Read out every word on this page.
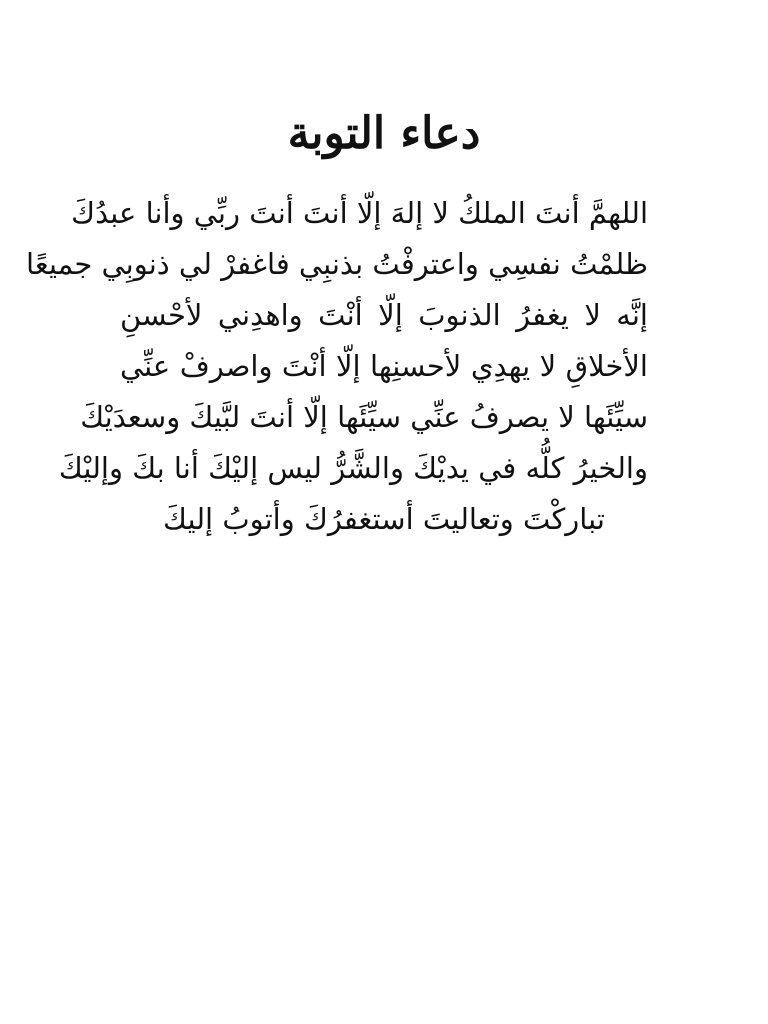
دعاء التوبة
اللهمَّ أنتَ الملكُ لا إلهَ إلّا أنتَ أنتَ ربِّي وأنا عبدُكَ
ظلمْتُ نفسِي واعترفْتُ بذنبِي فاغفرْ لي ذنوبِي جميعًا
إنَّه لا يغفرُ الذنوبَ إلّا أنْتَ واهدِني لأحْسنِ
الأخلاقِ لا يهدِي لأحسنِها إلّا أنْتَ واصرفْ عنِّي
سيِّئَها لا يصرفُ عنِّي سيِّئَها إلّا أنتَ لبَّيكَ وسعدَيْكَ
والخيرُ كلُّه في يديْكَ والشَّرُّ ليس إليْكَ أنا بكَ وإليْكَ
تباركْتَ وتعاليتَ أستغفرُكَ وأتوبُ إليكَ
